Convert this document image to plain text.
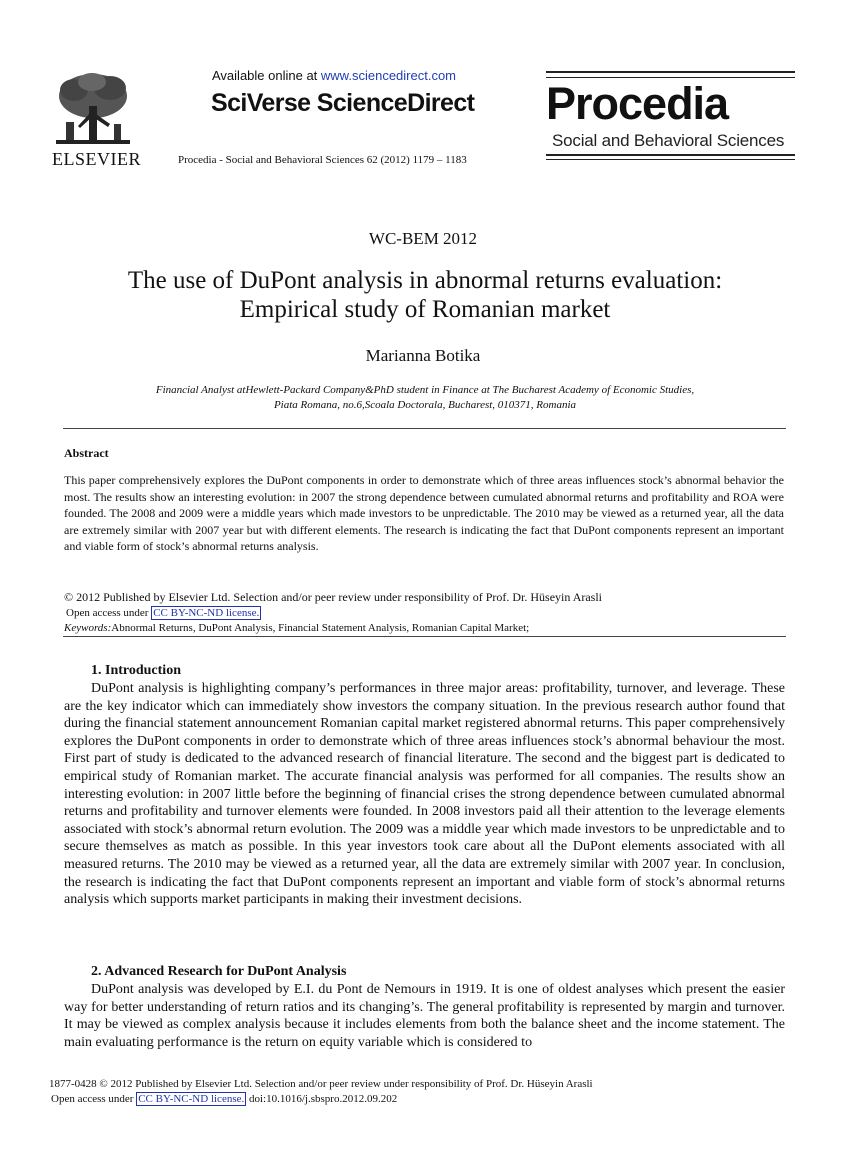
ELSEVIER
Available online at www.sciencedirect.com
SciVerse ScienceDirect
Procedia - Social and Behavioral Sciences 62 (2012) 1179 – 1183
Procedia
Social and Behavioral Sciences
WC-BEM 2012
The use of DuPont analysis in abnormal returns evaluation:
Empirical study of Romanian market
Marianna Botika
Financial Analyst atHewlett-Packard Company&PhD student in Finance at The Bucharest Academy of Economic Studies,
Piata Romana, no.6,Scoala Doctorala, Bucharest, 010371, Romania
Abstract
This paper comprehensively explores the DuPont components in order to demonstrate which of three areas influences stock’s abnormal behavior the most. The results show an interesting evolution: in 2007 the strong dependence between cumulated abnormal returns and profitability and ROA were founded. The 2008 and 2009 were a middle years which made investors to be unpredictable. The 2010 may be viewed as a returned year, all the data are extremely similar with 2007 year but with different elements. The research is indicating the fact that DuPont components represent an important and viable form of stock’s abnormal returns analysis.
© 2012 Published by Elsevier Ltd. Selection and/or peer review under responsibility of Prof. Dr. Hüseyin Arasli
Open access under CC BY-NC-ND license.
Keywords:Abnormal Returns, DuPont Analysis, Financial Statement Analysis, Romanian Capital Market;
1. Introduction
DuPont analysis is highlighting company’s performances in three major areas: profitability, turnover, and leverage. These are the key indicator which can immediately show investors the company situation. In the previous research author found that during the financial statement announcement Romanian capital market registered abnormal returns. This paper comprehensively explores the DuPont components in order to demonstrate which of three areas influences stock’s abnormal behaviour the most. First part of study is dedicated to the advanced research of financial literature. The second and the biggest part is dedicated to empirical study of Romanian market. The accurate financial analysis was performed for all companies. The results show an interesting evolution: in 2007 little before the beginning of financial crises the strong dependence between cumulated abnormal returns and profitability and turnover elements were founded. In 2008 investors paid all their attention to the leverage elements associated with stock’s abnormal return evolution. The 2009 was a middle year which made investors to be unpredictable and to secure themselves as match as possible. In this year investors took care about all the DuPont elements associated with all measured returns. The 2010 may be viewed as a returned year, all the data are extremely similar with 2007 year. In conclusion, the research is indicating the fact that DuPont components represent an important and viable form of stock’s abnormal returns analysis which supports market participants in making their investment decisions.
2. Advanced Research for DuPont Analysis
DuPont analysis was developed by E.I. du Pont de Nemours in 1919. It is one of oldest analyses which present the easier way for better understanding of return ratios and its changing’s. The general profitability is represented by margin and turnover. It may be viewed as complex analysis because it includes elements from both the balance sheet and the income statement. The main evaluating performance is the return on equity variable which is considered to
1877-0428 © 2012 Published by Elsevier Ltd. Selection and/or peer review under responsibility of Prof. Dr. Hüseyin Arasli
Open access under CC BY-NC-ND license. doi:10.1016/j.sbspro.2012.09.202
